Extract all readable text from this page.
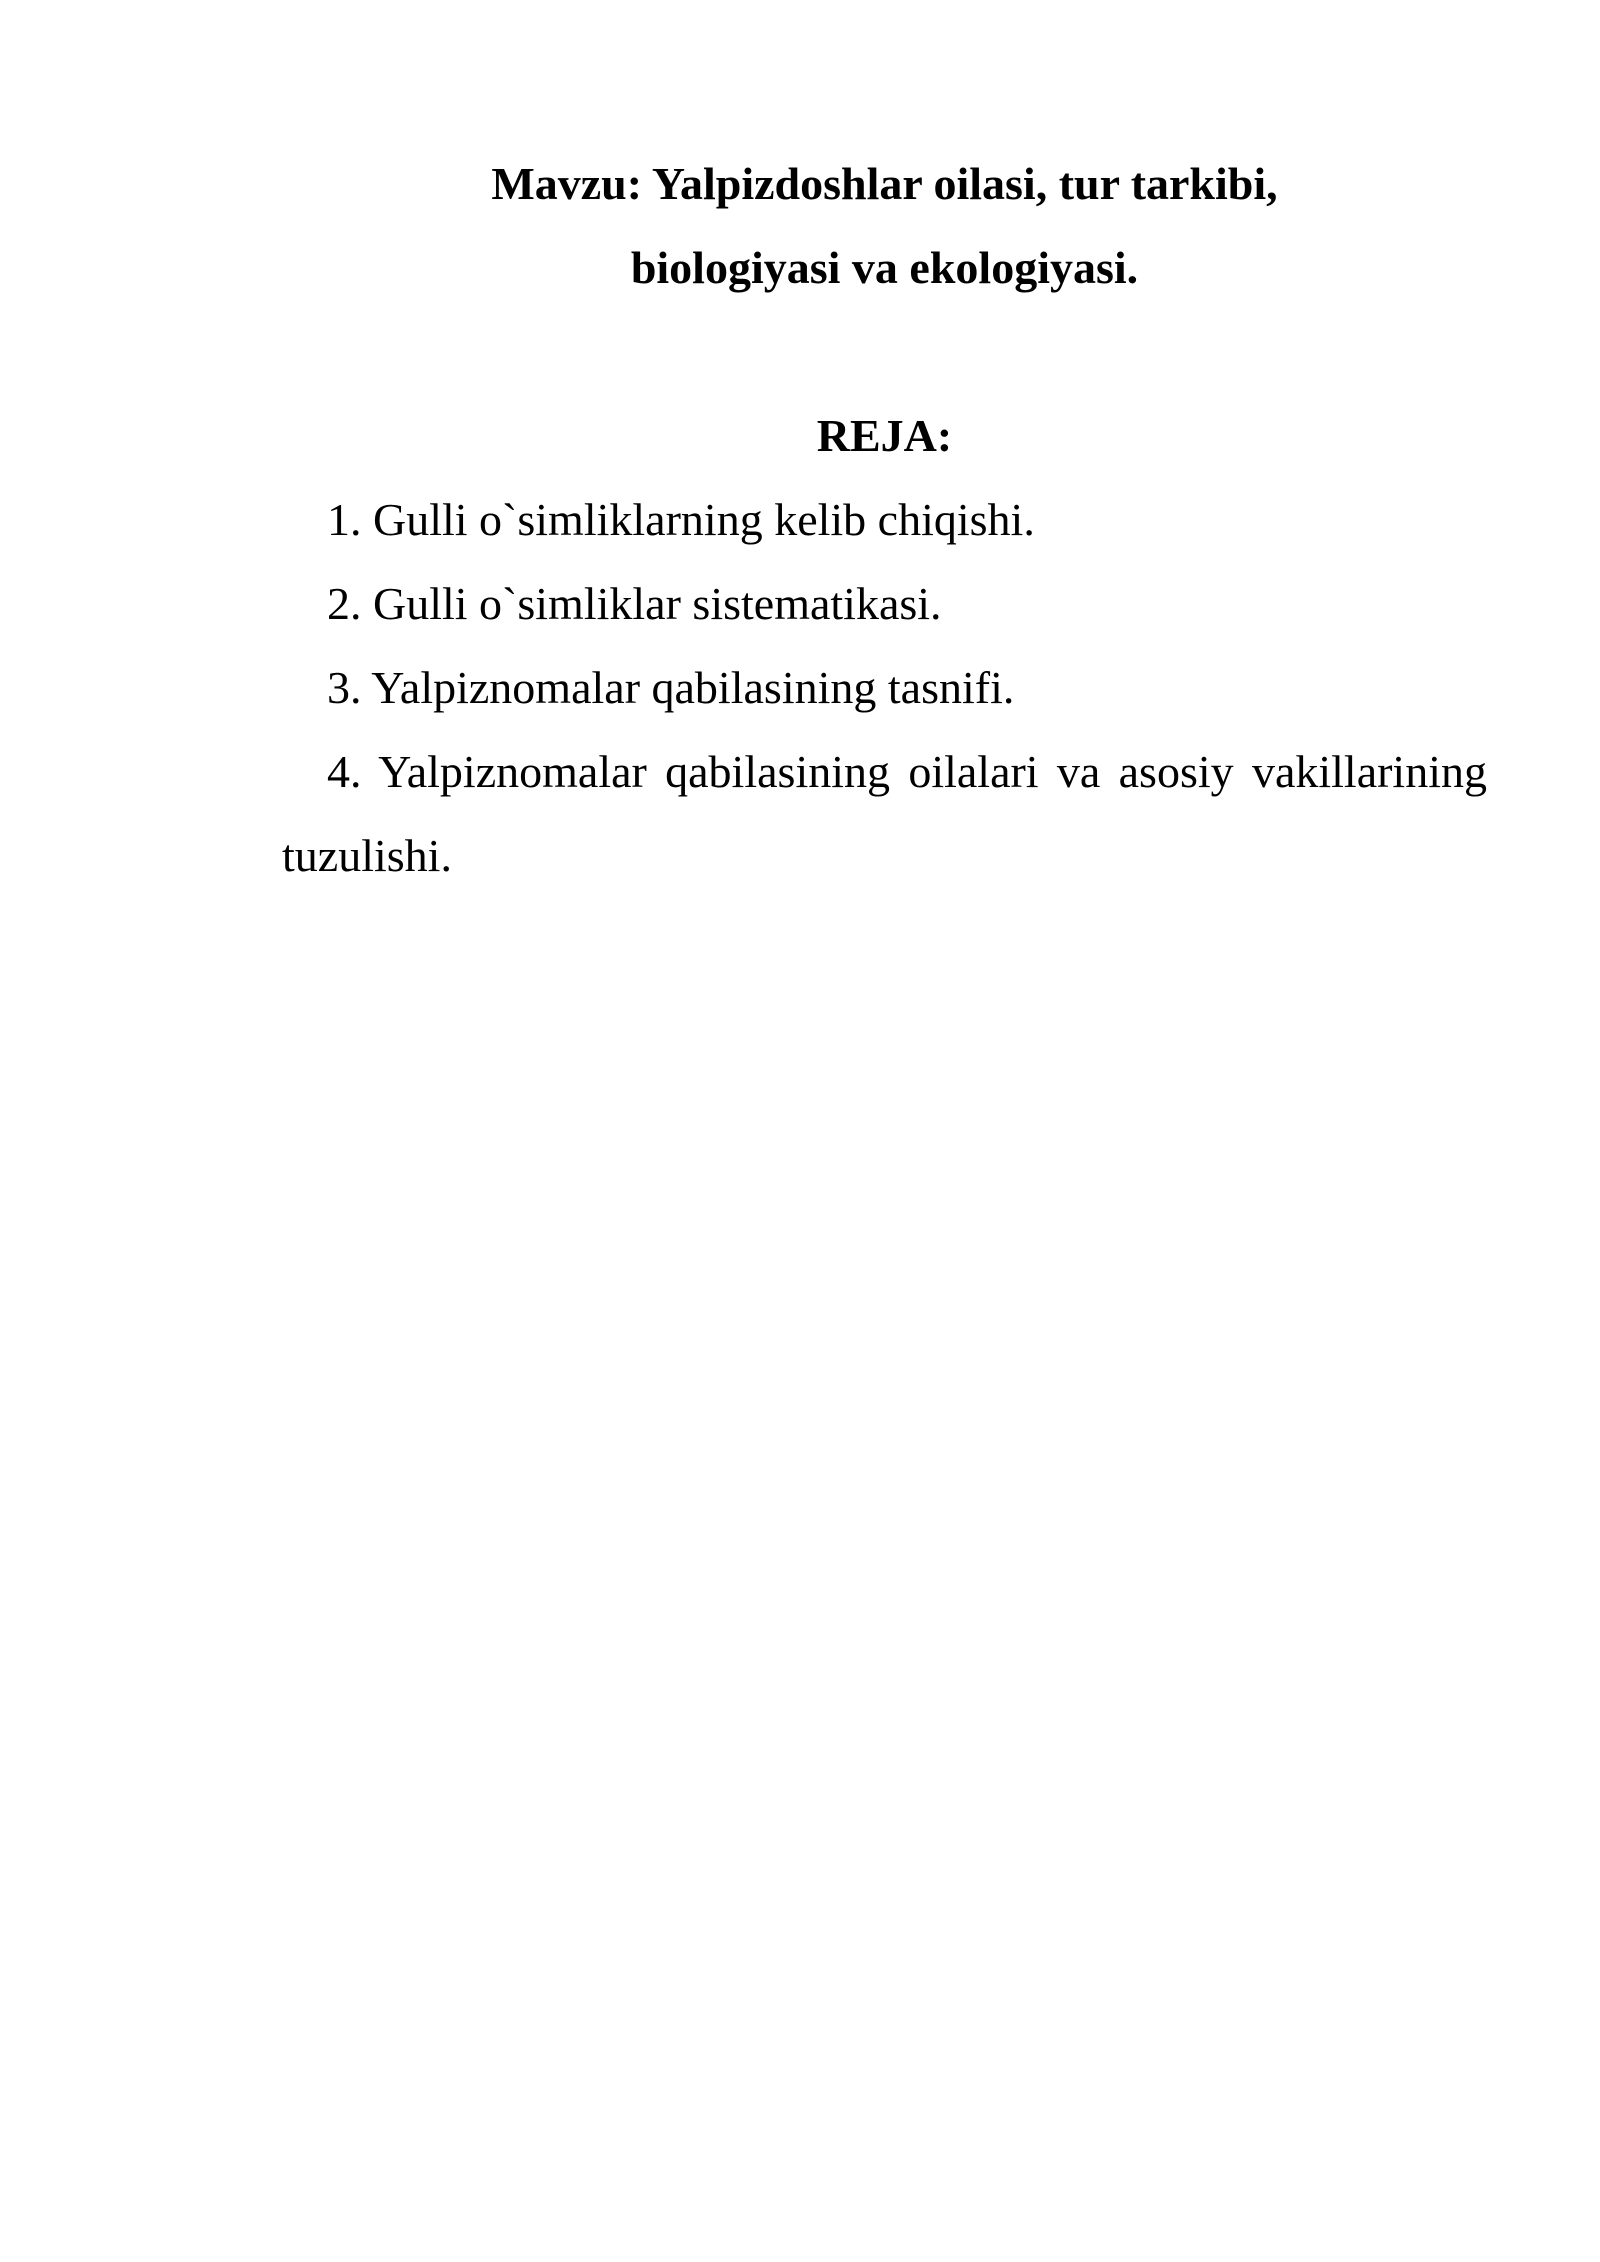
Mavzu: Yalpizdoshlar oilasi, tur tarkibi,
biologiyasi va ekologiyasi.
REJA:
1. Gulli o`simliklarning kelib chiqishi.
2. Gulli o`simliklar sistematikasi.
3. Yalpiznomalar qabilasining tasnifi.
4. Yalpiznomalar qabilasining oilalari va asosiy vakillarining tuzulishi.
